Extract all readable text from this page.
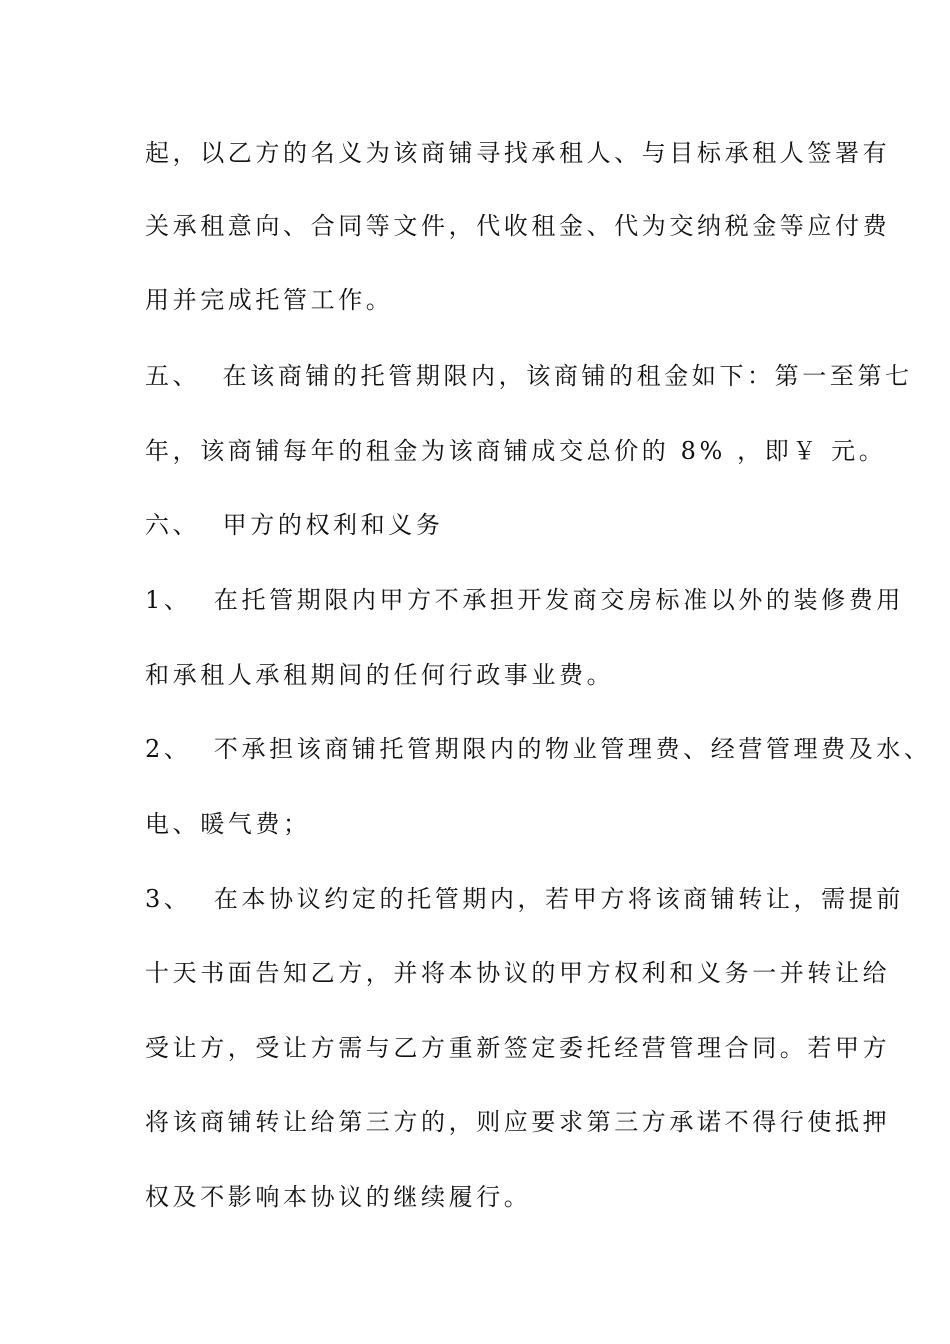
起，以乙方的名义为该商铺寻找承租人、与目标承租人签署有
关承租意向、合同等文件，代收租金、代为交纳税金等应付费
用并完成托管工作。
五、  在该商铺的托管期限内，该商铺的租金如下：第一至第七
年，该商铺每年的租金为该商铺成交总价的 8% ，即￥ 元。
六、  甲方的权利和义务
1、  在托管期限内甲方不承担开发商交房标准以外的装修费用
和承租人承租期间的任何行政事业费。
2、  不承担该商铺托管期限内的物业管理费、经营管理费及水、
电、暖气费；
3、  在本协议约定的托管期内，若甲方将该商铺转让，需提前
十天书面告知乙方，并将本协议的甲方权利和义务一并转让给
受让方，受让方需与乙方重新签定委托经营管理合同。若甲方
将该商铺转让给第三方的，则应要求第三方承诺不得行使抵押
权及不影响本协议的继续履行。
